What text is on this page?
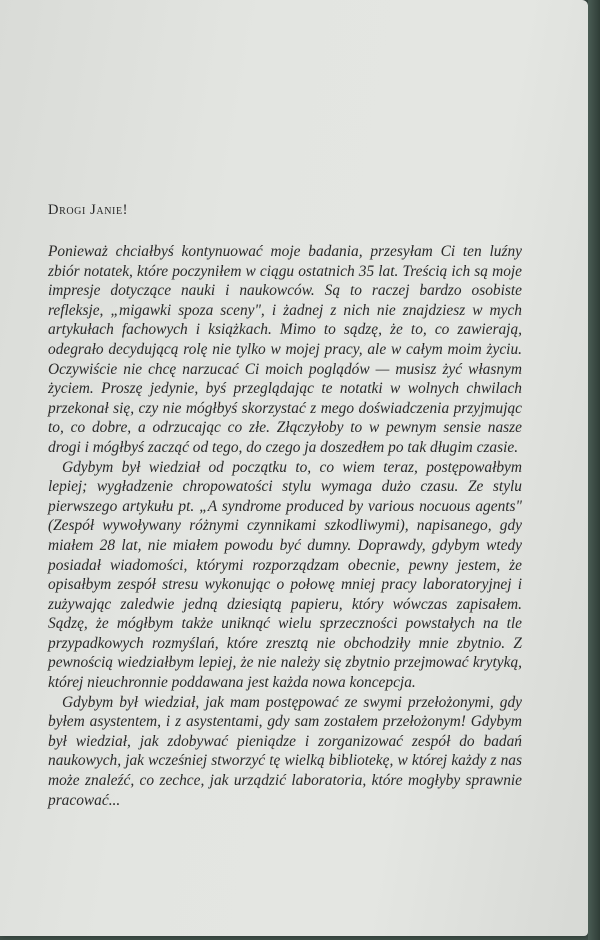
Drogi Janie!

Ponieważ chciałbyś kontynuować moje badania, przesyłam Ci ten luźny zbiór notatek, które poczyniłem w ciągu ostatnich 35 lat. Treścią ich są moje impresje dotyczące nauki i naukowców. Są to raczej bardzo osobiste refleksje, „migawki spoza sceny", i żadnej z nich nie znajdziesz w mych artykułach fachowych i książkach. Mimo to sądzę, że to, co zawierają, odegrało decydującą rolę nie tylko w mojej pracy, ale w całym moim życiu. Oczywiście nie chcę narzucać Ci moich poglądów — musisz żyć własnym życiem. Proszę jedynie, byś przeglądając te notatki w wolnych chwilach przekonał się, czy nie mógłbyś skorzystać z mego doświadczenia przyjmując to, co dobre, a odrzucając co złe. Złączyłoby to w pewnym sensie nasze drogi i mógłbyś zacząć od tego, do czego ja doszedłem po tak długim czasie.

Gdybym był wiedział od początku to, co wiem teraz, postępowałbym lepiej; wygładzenie chropowatości stylu wymaga dużo czasu. Ze stylu pierwszego artykułu pt. „A syndrome produced by various nocuous agents" (Zespół wywoływany różnymi czynnikami szkodliwymi), napisanego, gdy miałem 28 lat, nie miałem powodu być dumny. Doprawdy, gdybym wtedy posiadał wiadomości, którymi rozporządzam obecnie, pewny jestem, że opisałbym zespół stresu wykonując o połowę mniej pracy laboratoryjnej i zużywając zaledwie jedną dziesiątą papieru, który wówczas zapisałem. Sądzę, że mógłbym także uniknąć wielu sprzeczności powstałych na tle przypadkowych rozmyślań, które zresztą nie obchodziły mnie zbytnio. Z pewnością wiedziałbym lepiej, że nie należy się zbytnio przejmować krytyką, której nieuchronnie poddawana jest każda nowa koncepcja.

Gdybym był wiedział, jak mam postępować ze swymi przełożonymi, gdy byłem asystentem, i z asystentami, gdy sam zostałem przełożonym! Gdybym był wiedział, jak zdobywać pieniądze i zorganizować zespół do badań naukowych, jak wcześniej stworzyć tę wielką bibliotekę, w której każdy z nas może znaleźć, co zechce, jak urządzić laboratoria, które mogłyby sprawnie pracować...
